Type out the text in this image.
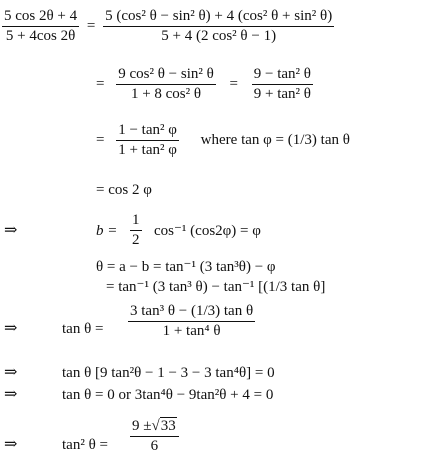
$\frac{5 \cos 2\theta + 4}{5 + 4\cos 2\theta} = \frac{\text{5 (cos² θ − sin² θ) + 4 (cos² θ + sin² θ)}}{\text{5 + 4 (2 cos² θ − 1)}}$
= $\frac{\text{9 cos² θ − sin² θ}}{\text{1 + 8 cos² θ}} = \frac{\text{9 − tan² θ}}{\text{9 + tan² θ}}$
= $\frac{\text{1 − tan² φ}}{\text{1 + tan² φ}}$ where tan φ = (1/3) tan θ
= cos 2 φ
⇒	$b = \frac{1}{2} \cos^{-1}$ (cos2φ) = φ
θ = a − b = tan⁻¹ (3 tan³θ) − φ
= tan⁻¹ (3 tan³ θ) − tan⁻¹ [(1/3 tan θ]
⇒	$\tan \theta = \frac{\text{3 tan³ θ − (1/3) tan θ}}{\text{1 + tan⁴ θ}}$
⇒	tan θ [9 tan²θ − 1 − 3 − 3 tan⁴θ] = 0
⇒	tan θ = 0 or 3tan⁴θ − 9tan²θ + 4 = 0
⇒	tan² $\theta = \frac{9 \pm√33}{6}$
